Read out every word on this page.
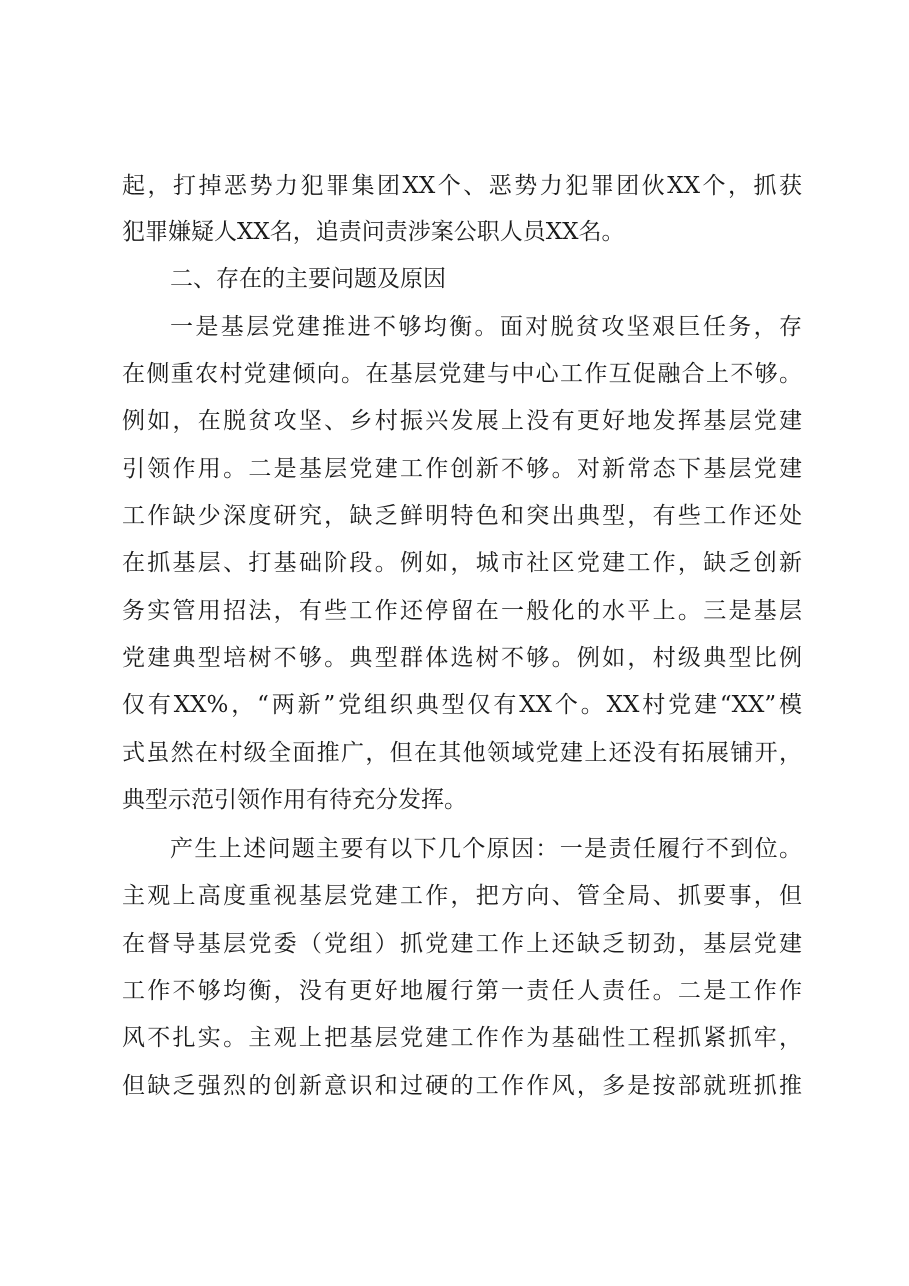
起，打掉恶势力犯罪集团XX个、恶势力犯罪团伙XX个，抓获
犯罪嫌疑人XX名，追责问责涉案公职人员XX名。
二、存在的主要问题及原因
一是基层党建推进不够均衡。面对脱贫攻坚艰巨任务，存
在侧重农村党建倾向。在基层党建与中心工作互促融合上不够。
例如，在脱贫攻坚、乡村振兴发展上没有更好地发挥基层党建
引领作用。二是基层党建工作创新不够。对新常态下基层党建
工作缺少深度研究，缺乏鲜明特色和突出典型，有些工作还处
在抓基层、打基础阶段。例如，城市社区党建工作，缺乏创新
务实管用招法，有些工作还停留在一般化的水平上。三是基层
党建典型培树不够。典型群体选树不够。例如，村级典型比例
仅有XX%，“两新”党组织典型仅有XX个。XX村党建“XX”模
式虽然在村级全面推广，但在其他领域党建上还没有拓展铺开，
典型示范引领作用有待充分发挥。
产生上述问题主要有以下几个原因：一是责任履行不到位。
主观上高度重视基层党建工作，把方向、管全局、抓要事，但
在督导基层党委（党组）抓党建工作上还缺乏韧劲，基层党建
工作不够均衡，没有更好地履行第一责任人责任。二是工作作
风不扎实。主观上把基层党建工作作为基础性工程抓紧抓牢，
但缺乏强烈的创新意识和过硬的工作作风，多是按部就班抓推
